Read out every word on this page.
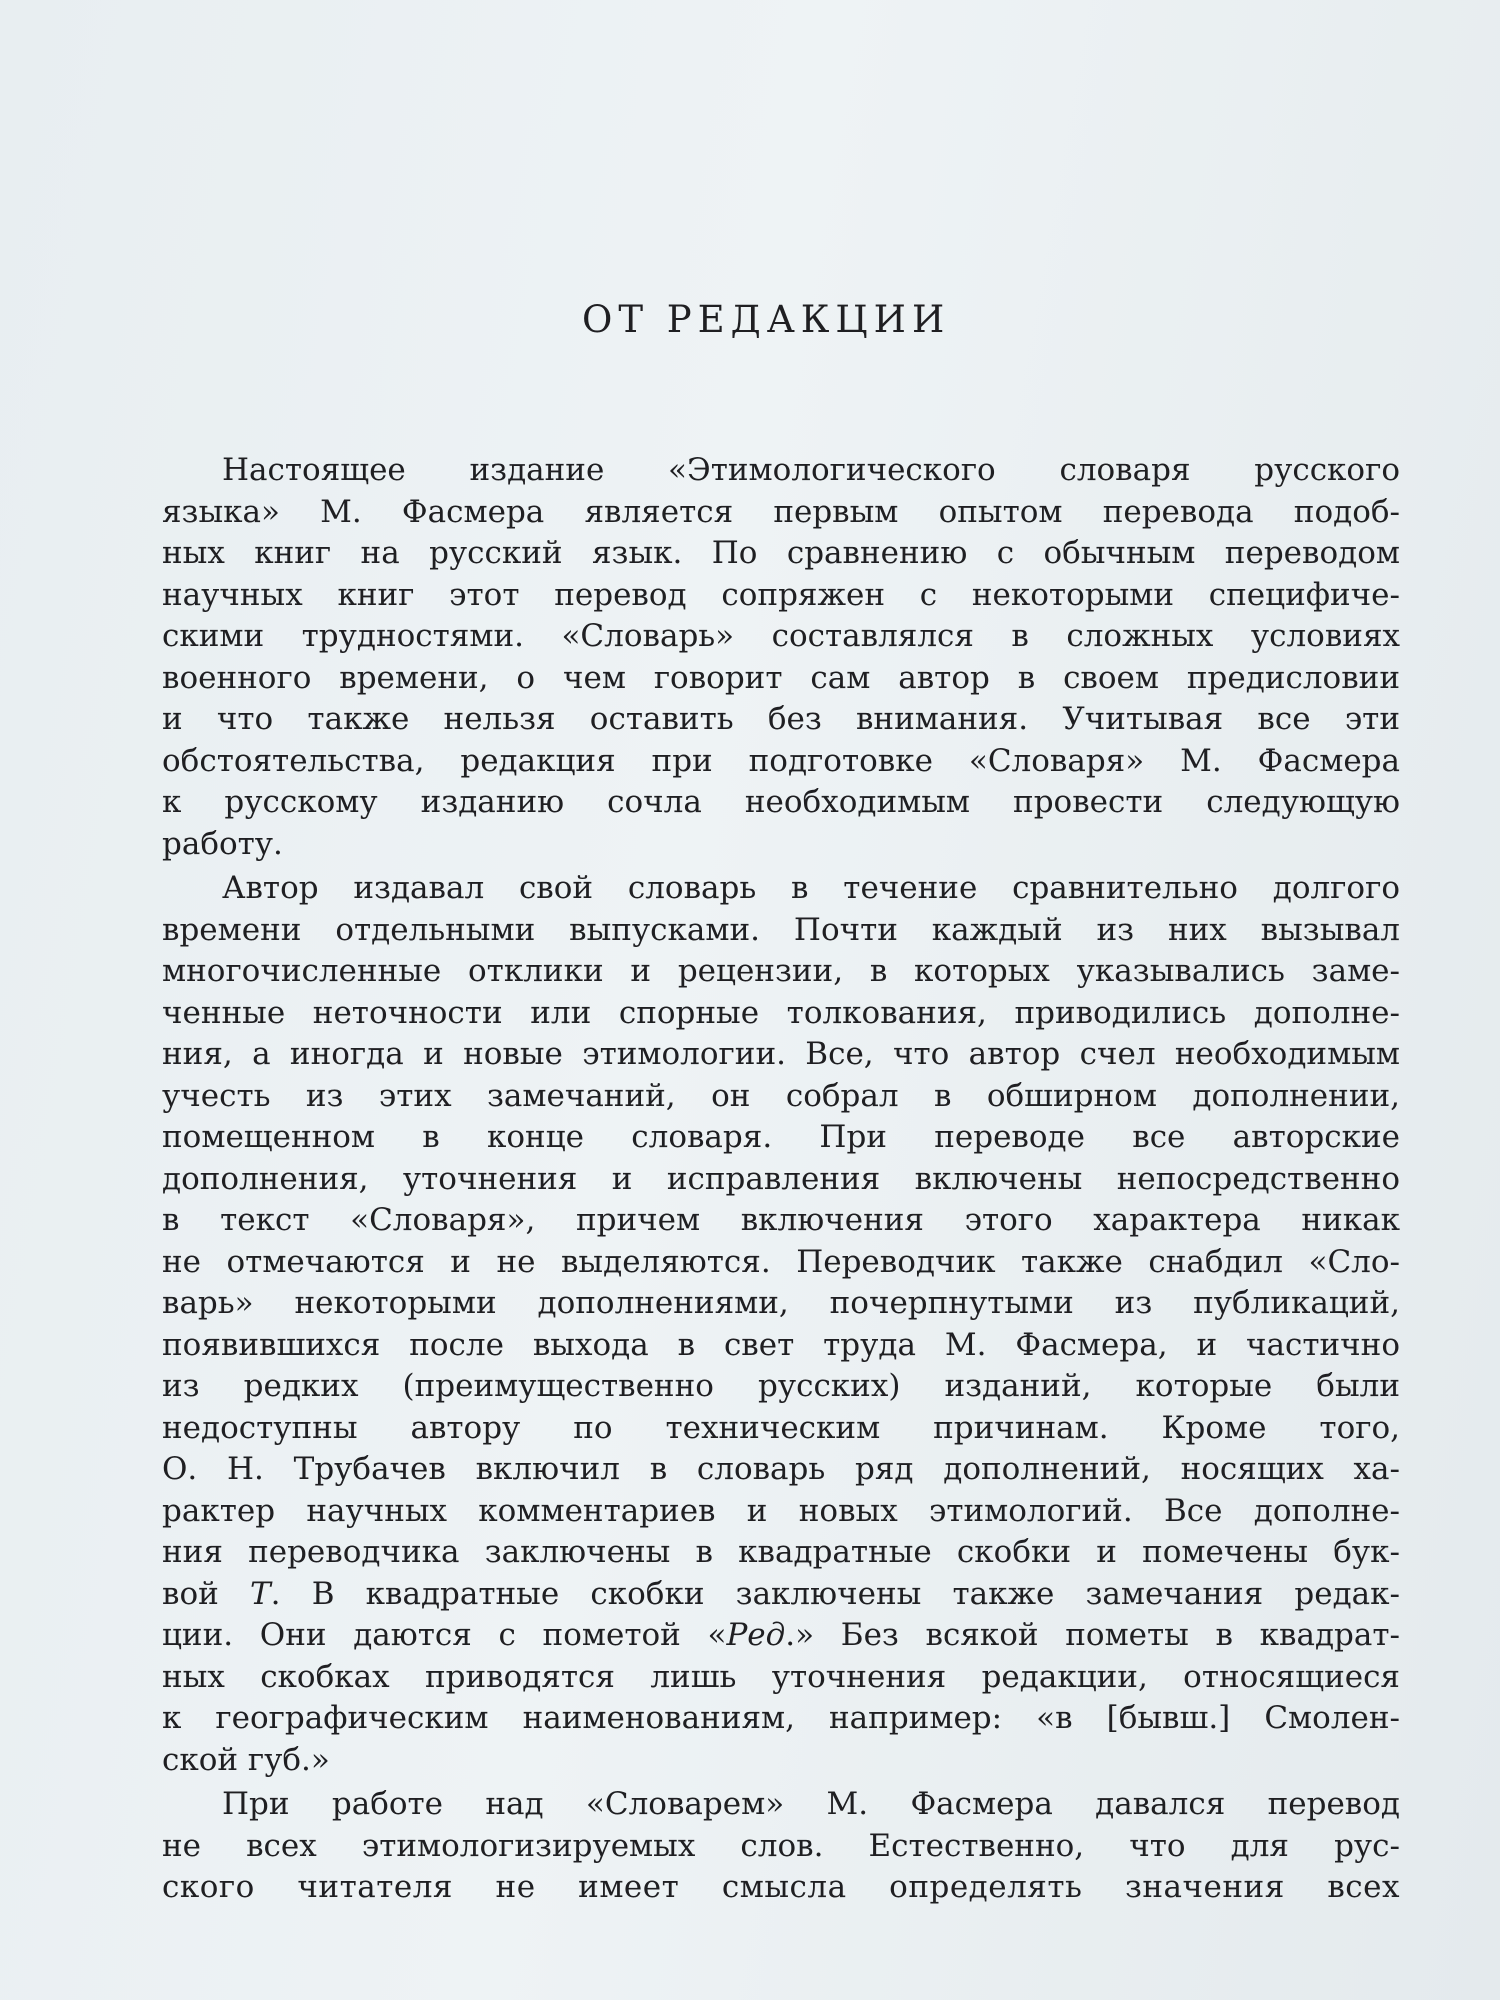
ОТ РЕДАКЦИИ
Настоящее издание «Этимологического словаря русского
языка» М. Фасмера является первым опытом перевода подоб-
ных книг на русский язык. По сравнению с обычным переводом
научных книг этот перевод сопряжен с некоторыми специфиче-
скими трудностями. «Словарь» составлялся в сложных условиях
военного времени, о чем говорит сам автор в своем предисловии
и что также нельзя оставить без внимания. Учитывая все эти
обстоятельства, редакция при подготовке «Словаря» М. Фасмера
к русскому изданию сочла необходимым провести следующую
работу.
Автор издавал свой словарь в течение сравнительно долгого
времени отдельными выпусками. Почти каждый из них вызывал
многочисленные отклики и рецензии, в которых указывались заме-
ченные неточности или спорные толкования, приводились дополне-
ния, а иногда и новые этимологии. Все, что автор счел необходимым
учесть из этих замечаний, он собрал в обширном дополнении,
помещенном в конце словаря. При переводе все авторские
дополнения, уточнения и исправления включены непосредственно
в текст «Словаря», причем включения этого характера никак
не отмечаются и не выделяются. Переводчик также снабдил «Сло-
варь» некоторыми дополнениями, почерпнутыми из публикаций,
появившихся после выхода в свет труда М. Фасмера, и частично
из редких (преимущественно русских) изданий, которые были
недоступны автору по техническим причинам. Кроме того,
О. Н. Трубачев включил в словарь ряд дополнений, носящих ха-
рактер научных комментариев и новых этимологий. Все дополне-
ния переводчика заключены в квадратные скобки и помечены бук-
вой Т. В квадратные скобки заключены также замечания редак-
ции. Они даются с пометой «Ред.» Без всякой пометы в квадрат-
ных скобках приводятся лишь уточнения редакции, относящиеся
к географическим наименованиям, например: «в [бывш.] Смолен-
ской губ.»
При работе над «Словарем» М. Фасмера давался перевод
не всех этимологизируемых слов. Естественно, что для рус-
ского читателя не имеет смысла определять значения всех
